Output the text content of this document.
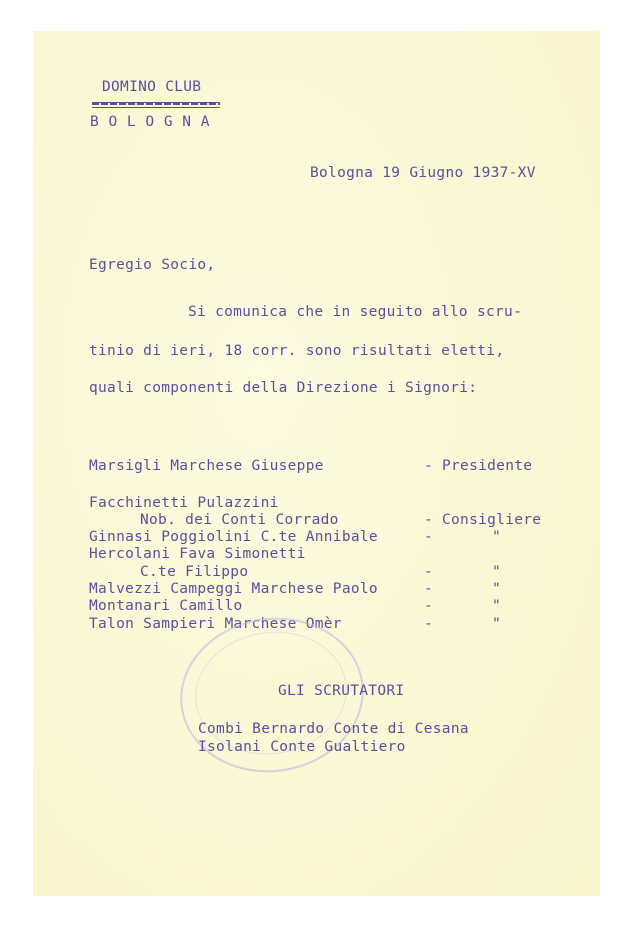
DOMINO CLUB
B O L O G N A
Bologna 19 Giugno 1937-XV
Egregio Socio,
Si comunica che in seguito allo scru-
tinio di ieri, 18 corr. sono risultati eletti,
quali componenti della Direzione i Signori:
Marsigli Marchese Giuseppe	- Presidente
Facchinetti Pulazzini
Nob. dei Conti Corrado	- Consigliere
Ginnasi Poggiolini C.te Annibale	-	"
Hercolani Fava Simonetti
C.te Filippo	-	"
Malvezzi Campeggi Marchese Paolo	-	"
Montanari Camillo	-	"
Talon Sampieri Marchese Omèr	-	"
GLI SCRUTATORI
Combi Bernardo Conte di Cesana
Isolani Conte Gualtiero
